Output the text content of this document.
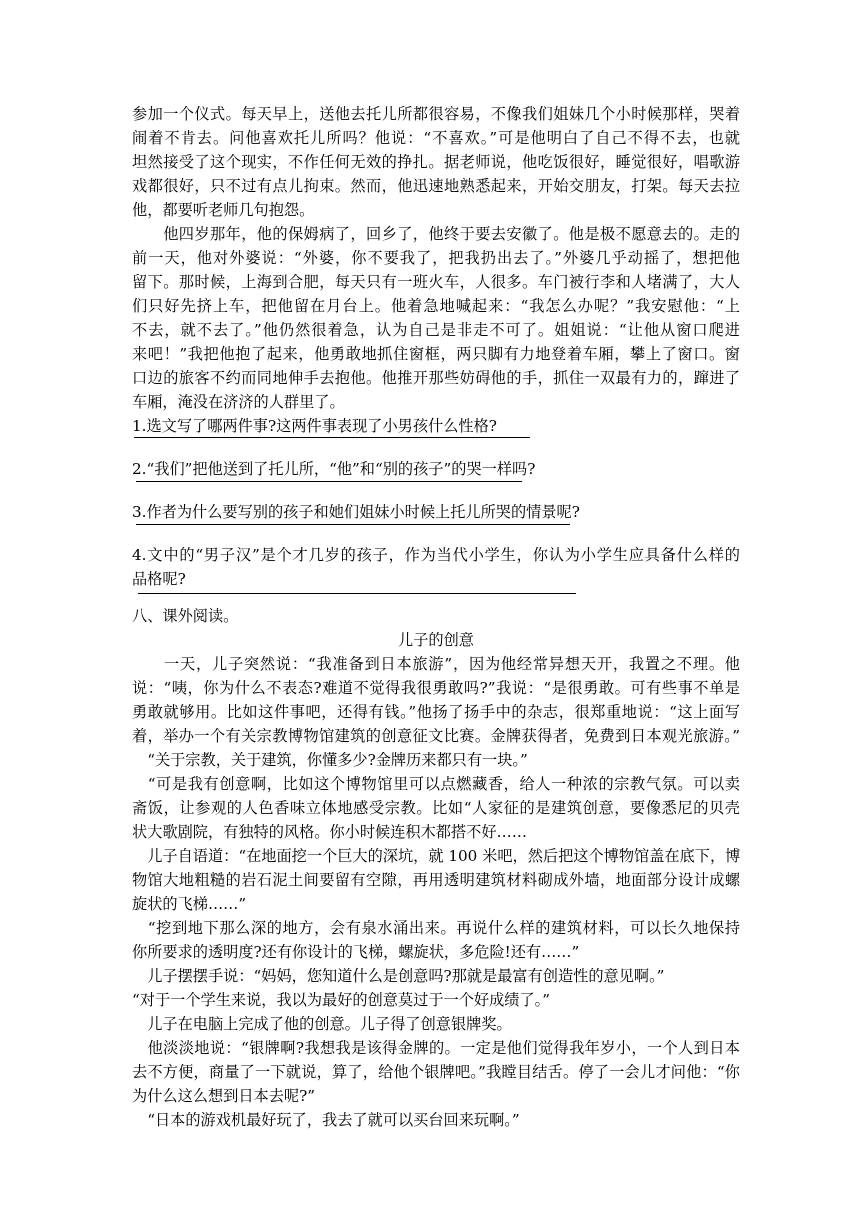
参加一个仪式。每天早上，送他去托儿所都很容易，不像我们姐妹几个小时候那样，哭着
闹着不肯去。问他喜欢托儿所吗？他说：“不喜欢。”可是他明白了自己不得不去，也就
坦然接受了这个现实，不作任何无效的挣扎。据老师说，他吃饭很好，睡觉很好，唱歌游
戏都很好，只不过有点儿拘束。然而，他迅速地熟悉起来，开始交朋友，打架。每天去拉
他，都要听老师几句抱怨。
　　他四岁那年，他的保姆病了，回乡了，他终于要去安徽了。他是极不愿意去的。走的
前一天，他对外婆说：“外婆，你不要我了，把我扔出去了。”外婆几乎动摇了，想把他
留下。那时候，上海到合肥，每天只有一班火车，人很多。车门被行李和人堵满了，大人
们只好先挤上车，把他留在月台上。他着急地喊起来：“我怎么办呢？”我安慰他：“上
不去，就不去了。”他仍然很着急，认为自己是非走不可了。姐姐说：“让他从窗口爬进
来吧！”我把他抱了起来，他勇敢地抓住窗框，两只脚有力地登着车厢，攀上了窗口。窗
口边的旅客不约而同地伸手去抱他。他推开那些妨碍他的手，抓住一双最有力的，蹿进了
车厢，淹没在济济的人群里了。
1.选文写了哪两件事?这两件事表现了小男孩什么性格?
2.“我们”把他送到了托儿所，“他”和“别的孩子”的哭一样吗?
3.作者为什么要写别的孩子和她们姐妹小时候上托儿所哭的情景呢?
4.文中的“男子汉”是个才几岁的孩子，作为当代小学生，你认为小学生应具备什么样的
品格呢?
八、课外阅读。
儿子的创意
　　一天，儿子突然说：“我准备到日本旅游”，因为他经常异想天开，我置之不理。他
说：“咦，你为什么不表态?难道不觉得我很勇敢吗?”我说：“是很勇敢。可有些事不单是
勇敢就够用。比如这件事吧，还得有钱。”他扬了扬手中的杂志，很郑重地说：“这上面写
着，举办一个有关宗教博物馆建筑的创意征文比赛。金牌获得者，免费到日本观光旅游。”
　“关于宗教，关于建筑，你懂多少?金牌历来都只有一块。”
　“可是我有创意啊，比如这个博物馆里可以点燃藏香，给人一种浓的宗教气氛。可以卖
斋饭，让参观的人色香味立体地感受宗教。比如“人家征的是建筑创意，要像悉尼的贝壳
状大歌剧院，有独特的风格。你小时候连积木都搭不好……
　儿子自语道：“在地面挖一个巨大的深坑，就 100 米吧，然后把这个博物馆盖在底下，博
物馆大地粗糙的岩石泥土间要留有空隙，再用透明建筑材料砌成外墙，地面部分设计成螺
旋状的飞梯……”
　“挖到地下那么深的地方，会有泉水涌出来。再说什么样的建筑材料，可以长久地保持
你所要求的透明度?还有你设计的飞梯，螺旋状，多危险!还有……”
　儿子摆摆手说：“妈妈，您知道什么是创意吗?那就是最富有创造性的意见啊。”
“对于一个学生来说，我以为最好的创意莫过于一个好成绩了。”
　儿子在电脑上完成了他的创意。儿子得了创意银牌奖。
　他淡淡地说：“银牌啊?我想我是该得金牌的。一定是他们觉得我年岁小，一个人到日本
去不方便，商量了一下就说，算了，给他个银牌吧。”我瞠目结舌。停了一会儿才问他：“你
为什么这么想到日本去呢?”
　“日本的游戏机最好玩了，我去了就可以买台回来玩啊。”
